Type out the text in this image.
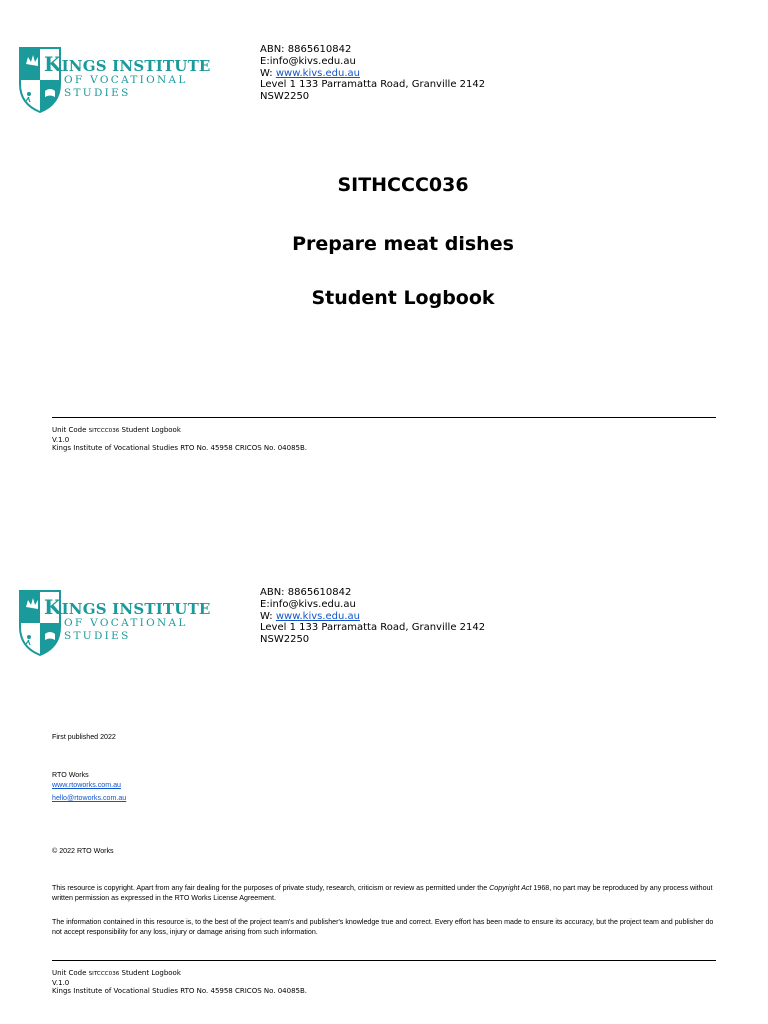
KINGS INSTITUTE
OF VOCATIONAL
STUDIES
ABN: 8865610842
E:info@kivs.edu.au
W: www.kivs.edu.au
Level 1 133 Parramatta Road, Granville 2142
NSW2250
SITHCCC036
Prepare meat dishes
Student Logbook
Unit Code SITCCC036 Student Logbook
V.1.0
Kings Institute of Vocational Studies RTO No. 45958 CRICOS No. 04085B.
KINGS INSTITUTE
OF VOCATIONAL
STUDIES
ABN: 8865610842
E:info@kivs.edu.au
W: www.kivs.edu.au
Level 1 133 Parramatta Road, Granville 2142
NSW2250
First published 2022
RTO Works
www.rtoworks.com.au
hello@rtoworks.com.au
© 2022 RTO Works
This resource is copyright. Apart from any fair dealing for the purposes of private study, research, criticism or review as permitted under the Copyright Act 1968, no part may be reproduced by any process without written permission as expressed in the RTO Works License Agreement.
The information contained in this resource is, to the best of the project team's and publisher's knowledge true and correct. Every effort has been made to ensure its accuracy, but the project team and publisher do not accept responsibility for any loss, injury or damage arising from such information.
Unit Code SITCCC036 Student Logbook
V.1.0
Kings Institute of Vocational Studies RTO No. 45958 CRICOS No. 04085B.
